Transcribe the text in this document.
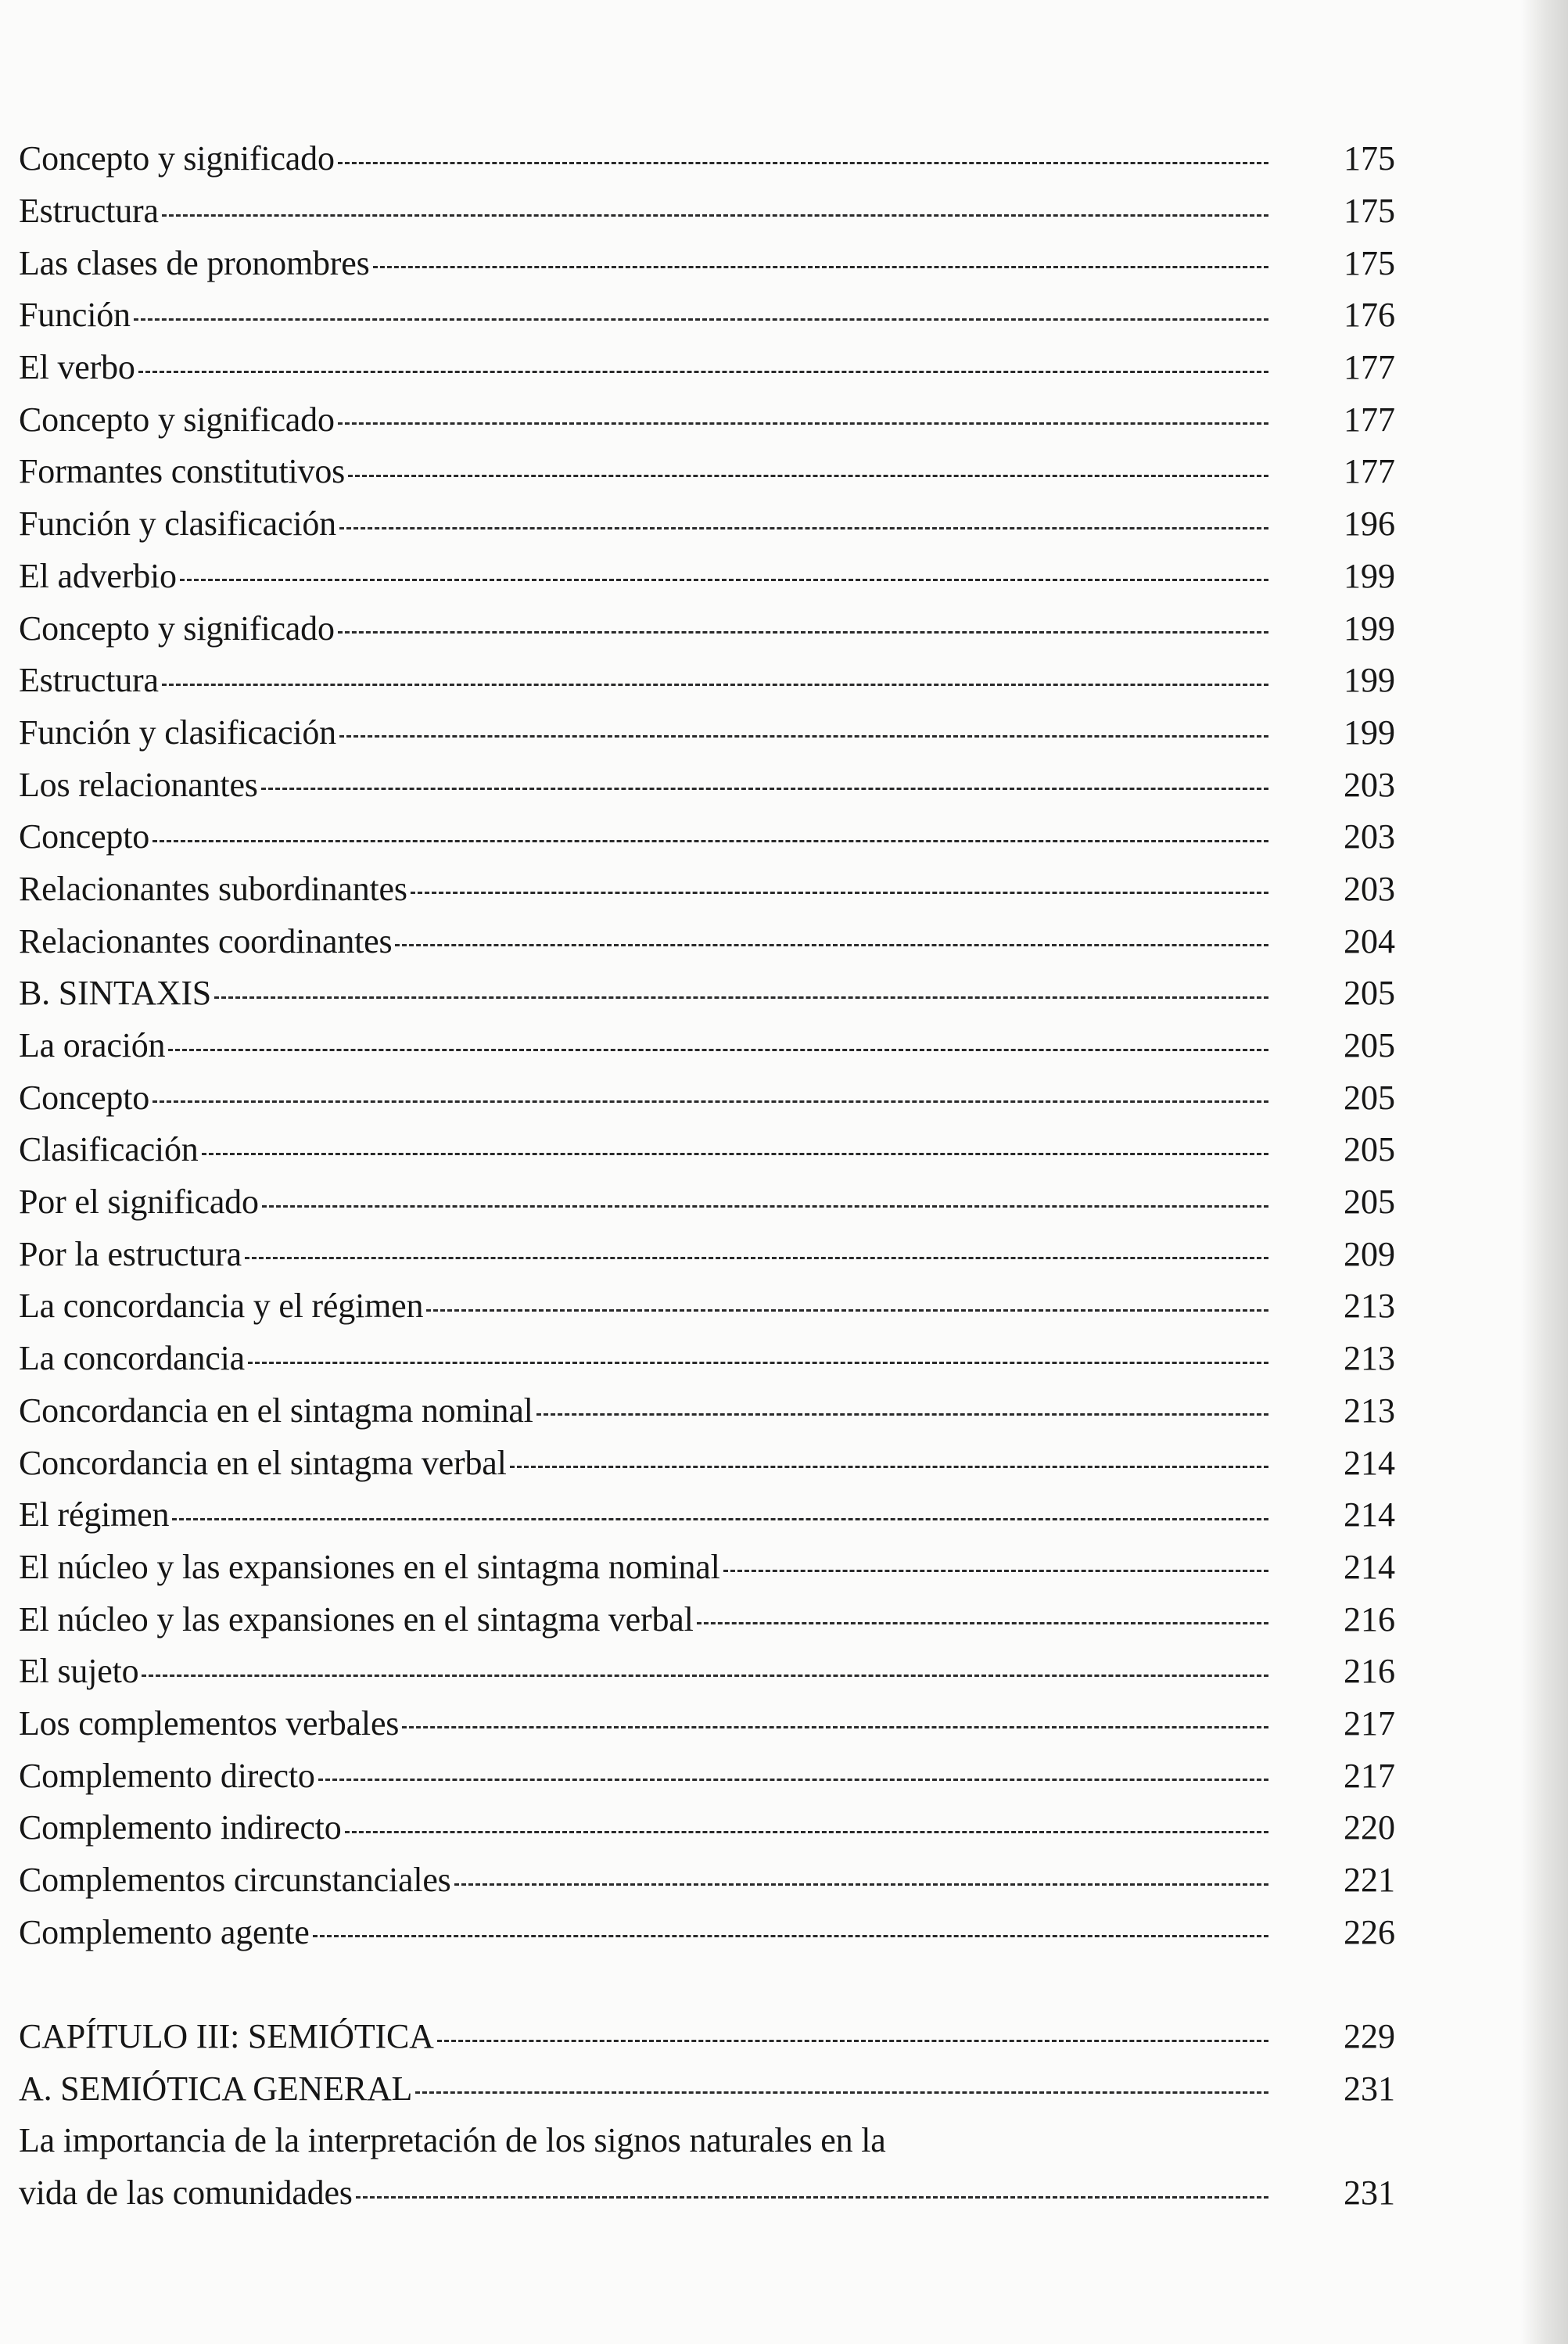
Concepto y significado	175
Estructura	175
Las clases de pronombres	175
Función	176
El verbo	177
Concepto y significado	177
Formantes constitutivos	177
Función y clasificación	196
El adverbio	199
Concepto y significado	199
Estructura	199
Función y clasificación	199
Los relacionantes	203
Concepto	203
Relacionantes subordinantes	203
Relacionantes coordinantes	204
B. SINTAXIS	205
La oración	205
Concepto	205
Clasificación	205
Por el significado	205
Por la estructura	209
La concordancia y el régimen	213
La concordancia	213
Concordancia en el sintagma nominal	213
Concordancia en el sintagma verbal	214
El régimen	214
El núcleo y las expansiones en el sintagma nominal	214
El núcleo y las expansiones en el sintagma verbal	216
El sujeto	216
Los complementos verbales	217
Complemento directo	217
Complemento indirecto	220
Complementos circunstanciales	221
Complemento agente	226
CAPÍTULO III: SEMIÓTICA	229
A. SEMIÓTICA GENERAL	231
La importancia de la interpretación de los signos naturales en la
vida de las comunidades	231
